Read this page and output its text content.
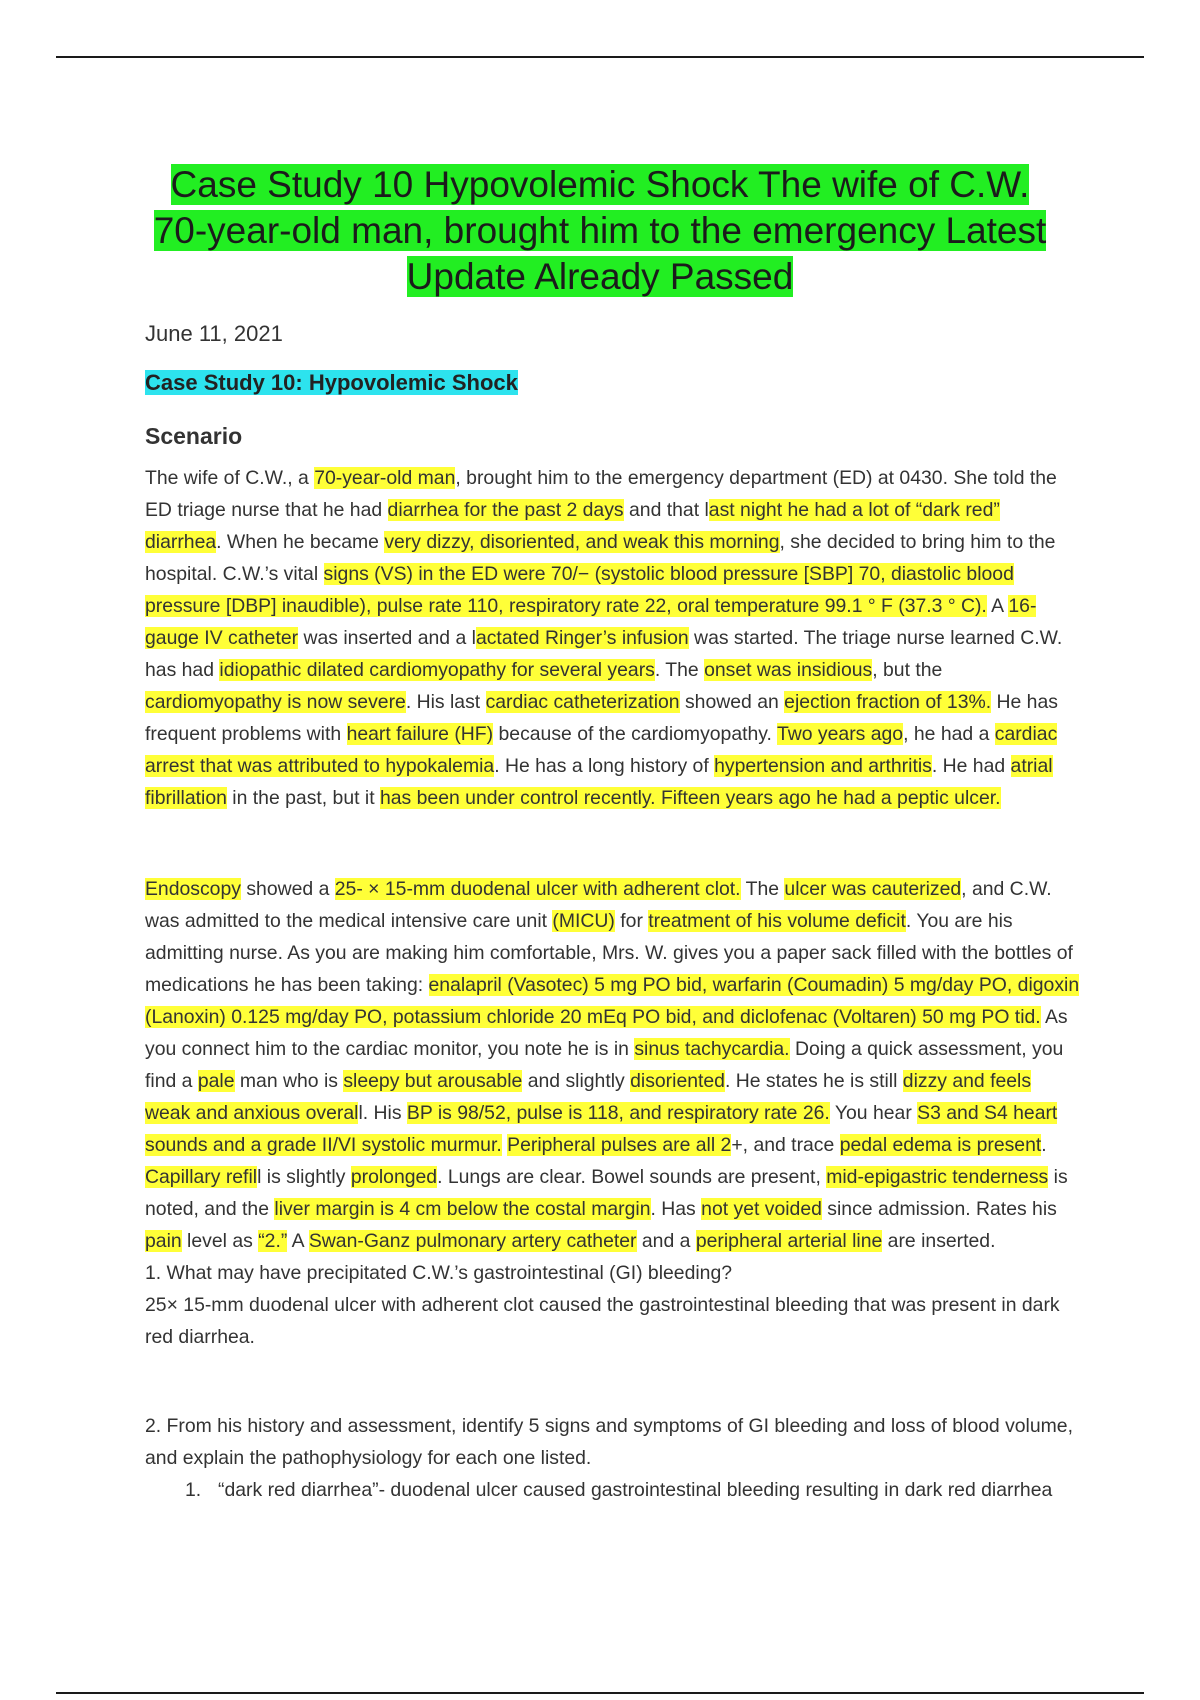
Case Study 10 Hypovolemic Shock The wife of C.W. 70-year-old man, brought him to the emergency Latest Update Already Passed
June 11, 2021
Case Study 10: Hypovolemic Shock
Scenario
The wife of C.W., a 70-year-old man, brought him to the emergency department (ED) at 0430. She told the ED triage nurse that he had diarrhea for the past 2 days and that last night he had a lot of “dark red” diarrhea. When he became very dizzy, disoriented, and weak this morning, she decided to bring him to the hospital. C.W.’s vital signs (VS) in the ED were 70/− (systolic blood pressure [SBP] 70, diastolic blood pressure [DBP] inaudible), pulse rate 110, respiratory rate 22, oral temperature 99.1 ° F (37.3 ° C). A 16-gauge IV catheter was inserted and a lactated Ringer’s infusion was started. The triage nurse learned C.W. has had idiopathic dilated cardiomyopathy for several years. The onset was insidious, but the cardiomyopathy is now severe. His last cardiac catheterization showed an ejection fraction of 13%. He has frequent problems with heart failure (HF) because of the cardiomyopathy. Two years ago, he had a cardiac arrest that was attributed to hypokalemia. He has a long history of hypertension and arthritis. He had atrial fibrillation in the past, but it has been under control recently. Fifteen years ago he had a peptic ulcer.
Endoscopy showed a 25- × 15-mm duodenal ulcer with adherent clot. The ulcer was cauterized, and C.W. was admitted to the medical intensive care unit (MICU) for treatment of his volume deficit. You are his admitting nurse. As you are making him comfortable, Mrs. W. gives you a paper sack filled with the bottles of medications he has been taking: enalapril (Vasotec) 5 mg PO bid, warfarin (Coumadin) 5 mg/day PO, digoxin (Lanoxin) 0.125 mg/day PO, potassium chloride 20 mEq PO bid, and diclofenac (Voltaren) 50 mg PO tid. As you connect him to the cardiac monitor, you note he is in sinus tachycardia. Doing a quick assessment, you find a pale man who is sleepy but arousable and slightly disoriented. He states he is still dizzy and feels weak and anxious overall. His BP is 98/52, pulse is 118, and respiratory rate 26. You hear S3 and S4 heart sounds and a grade II/VI systolic murmur. Peripheral pulses are all 2+, and trace pedal edema is present. Capillary refill is slightly prolonged. Lungs are clear. Bowel sounds are present, mid-epigastric tenderness is noted, and the liver margin is 4 cm below the costal margin. Has not yet voided since admission. Rates his pain level as “2.” A Swan-Ganz pulmonary artery catheter and a peripheral arterial line are inserted.
1. What may have precipitated C.W.’s gastrointestinal (GI) bleeding?
25× 15-mm duodenal ulcer with adherent clot caused the gastrointestinal bleeding that was present in dark red diarrhea.
2. From his history and assessment, identify 5 signs and symptoms of GI bleeding and loss of blood volume, and explain the pathophysiology for each one listed.
1. “dark red diarrhea”- duodenal ulcer caused gastrointestinal bleeding resulting in dark red diarrhea
